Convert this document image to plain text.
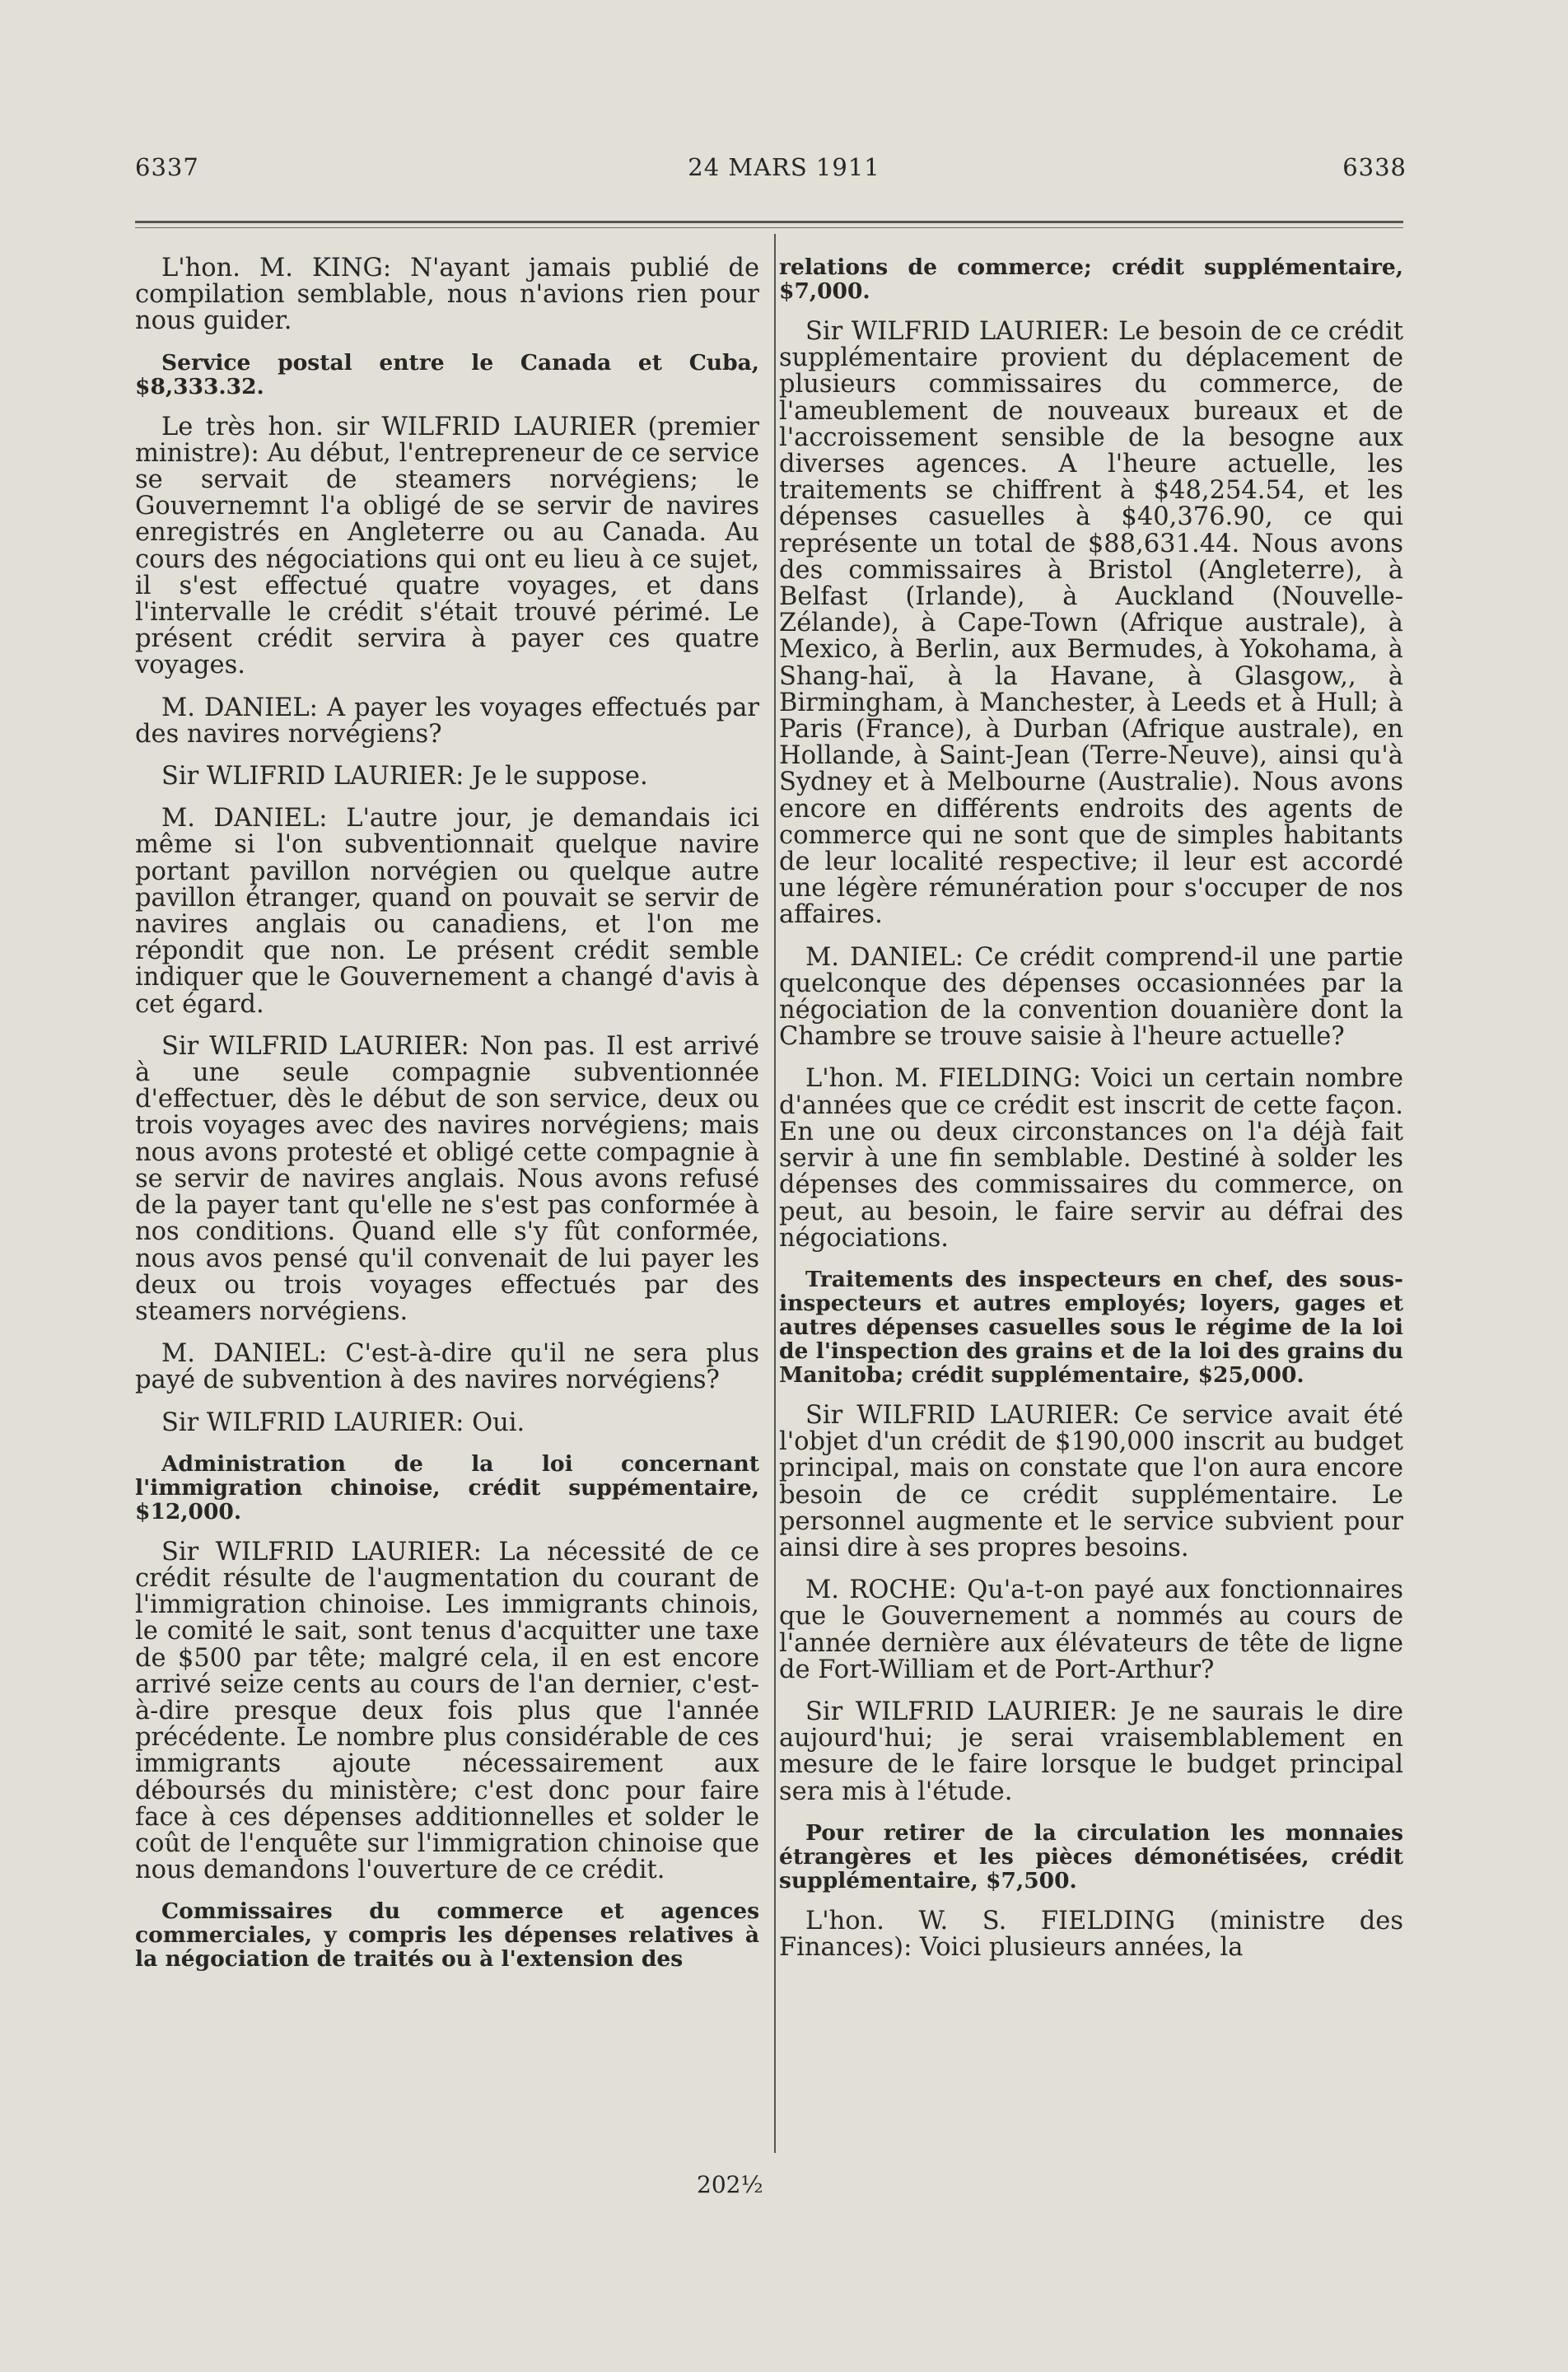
6337	24 MARS 1911	6338

L'hon. M. KING: N'ayant jamais publié de compilation semblable, nous n'avions rien pour nous guider.

Service postal entre le Canada et Cuba, $8,333.32.

Le très hon. sir WILFRID LAURIER (premier ministre): Au début, l'entrepreneur de ce service se servait de steamers norvégiens; le Gouvernemnt l'a obligé de se servir de navires enregistrés en Angleterre ou au Canada. Au cours des négociations qui ont eu lieu à ce sujet, il s'est effectué quatre voyages, et dans l'intervalle le crédit s'était trouvé périmé. Le présent crédit servira à payer ces quatre voyages.

M. DANIEL: A payer les voyages effectués par des navires norvégiens?

Sir WLIFRID LAURIER: Je le suppose.

M. DANIEL: L'autre jour, je demandais ici même si l'on subventionnait quelque navire portant pavillon norvégien ou quelque autre pavillon étranger, quand on pouvait se servir de navires anglais ou canadiens, et l'on me répondit que non. Le présent crédit semble indiquer que le Gouvernement a changé d'avis à cet égard.

Sir WILFRID LAURIER: Non pas. Il est arrivé à une seule compagnie subventionnée d'effectuer, dès le début de son service, deux ou trois voyages avec des navires norvégiens; mais nous avons protesté et obligé cette compagnie à se servir de navires anglais. Nous avons refusé de la payer tant qu'elle ne s'est pas conformée à nos conditions. Quand elle s'y fût conformée, nous avos pensé qu'il convenait de lui payer les deux ou trois voyages effectués par des steamers norvégiens.

M. DANIEL: C'est-à-dire qu'il ne sera plus payé de subvention à des navires norvégiens?

Sir WILFRID LAURIER: Oui.

Administration de la loi concernant l'immigration chinoise, crédit suppémentaire, $12,000.

Sir WILFRID LAURIER: La nécessité de ce crédit résulte de l'augmentation du courant de l'immigration chinoise. Les immigrants chinois, le comité le sait, sont tenus d'acquitter une taxe de $500 par tête; malgré cela, il en est encore arrivé seize cents au cours de l'an dernier, c'est-à-dire presque deux fois plus que l'année précédente. Le nombre plus considérable de ces immigrants ajoute nécessairement aux déboursés du ministère; c'est donc pour faire face à ces dépenses additionnelles et solder le coût de l'enquête sur l'immigration chinoise que nous demandons l'ouverture de ce crédit.

Commissaires du commerce et agences commerciales, y compris les dépenses relatives à la négociation de traités ou à l'extension des

relations de commerce; crédit supplémentaire, $7,000.

Sir WILFRID LAURIER: Le besoin de ce crédit supplémentaire provient du déplacement de plusieurs commissaires du commerce, de l'ameublement de nouveaux bureaux et de l'accroissement sensible de la besogne aux diverses agences. A l'heure actuelle, les traitements se chiffrent à $48,254.54, et les dépenses casuelles à $40,376.90, ce qui représente un total de $88,631.44. Nous avons des commissaires à Bristol (Angleterre), à Belfast (Irlande), à Auckland (Nouvelle-Zélande), à Cape-Town (Afrique australe), à Mexico, à Berlin, aux Bermudes, à Yokohama, à Shang-haï, à la Havane, à Glasgow,, à Birmingham, à Manchester, à Leeds et à Hull; à Paris (France), à Durban (Afrique australe), en Hollande, à Saint-Jean (Terre-Neuve), ainsi qu'à Sydney et à Melbourne (Australie). Nous avons encore en différents endroits des agents de commerce qui ne sont que de simples habitants de leur localité respective; il leur est accordé une légère rémunération pour s'occuper de nos affaires.

M. DANIEL: Ce crédit comprend-il une partie quelconque des dépenses occasionnées par la négociation de la convention douanière dont la Chambre se trouve saisie à l'heure actuelle?

L'hon. M. FIELDING: Voici un certain nombre d'années que ce crédit est inscrit de cette façon. En une ou deux circonstances on l'a déjà fait servir à une fin semblable. Destiné à solder les dépenses des commissaires du commerce, on peut, au besoin, le faire servir au défrai des négociations.

Traitements des inspecteurs en chef, des sous-inspecteurs et autres employés; loyers, gages et autres dépenses casuelles sous le régime de la loi de l'inspection des grains et de la loi des grains du Manitoba; crédit supplémentaire, $25,000.

Sir WILFRID LAURIER: Ce service avait été l'objet d'un crédit de $190,000 inscrit au budget principal, mais on constate que l'on aura encore besoin de ce crédit supplémentaire. Le personnel augmente et le service subvient pour ainsi dire à ses propres besoins.

M. ROCHE: Qu'a-t-on payé aux fonctionnaires que le Gouvernement a nommés au cours de l'année dernière aux élévateurs de tête de ligne de Fort-William et de Port-Arthur?

Sir WILFRID LAURIER: Je ne saurais le dire aujourd'hui; je serai vraisemblablement en mesure de le faire lorsque le budget principal sera mis à l'étude.

Pour retirer de la circulation les monnaies étrangères et les pièces démonétisées, crédit supplémentaire, $7,500.

L'hon. W. S. FIELDING (ministre des Finances): Voici plusieurs années, la

202½
